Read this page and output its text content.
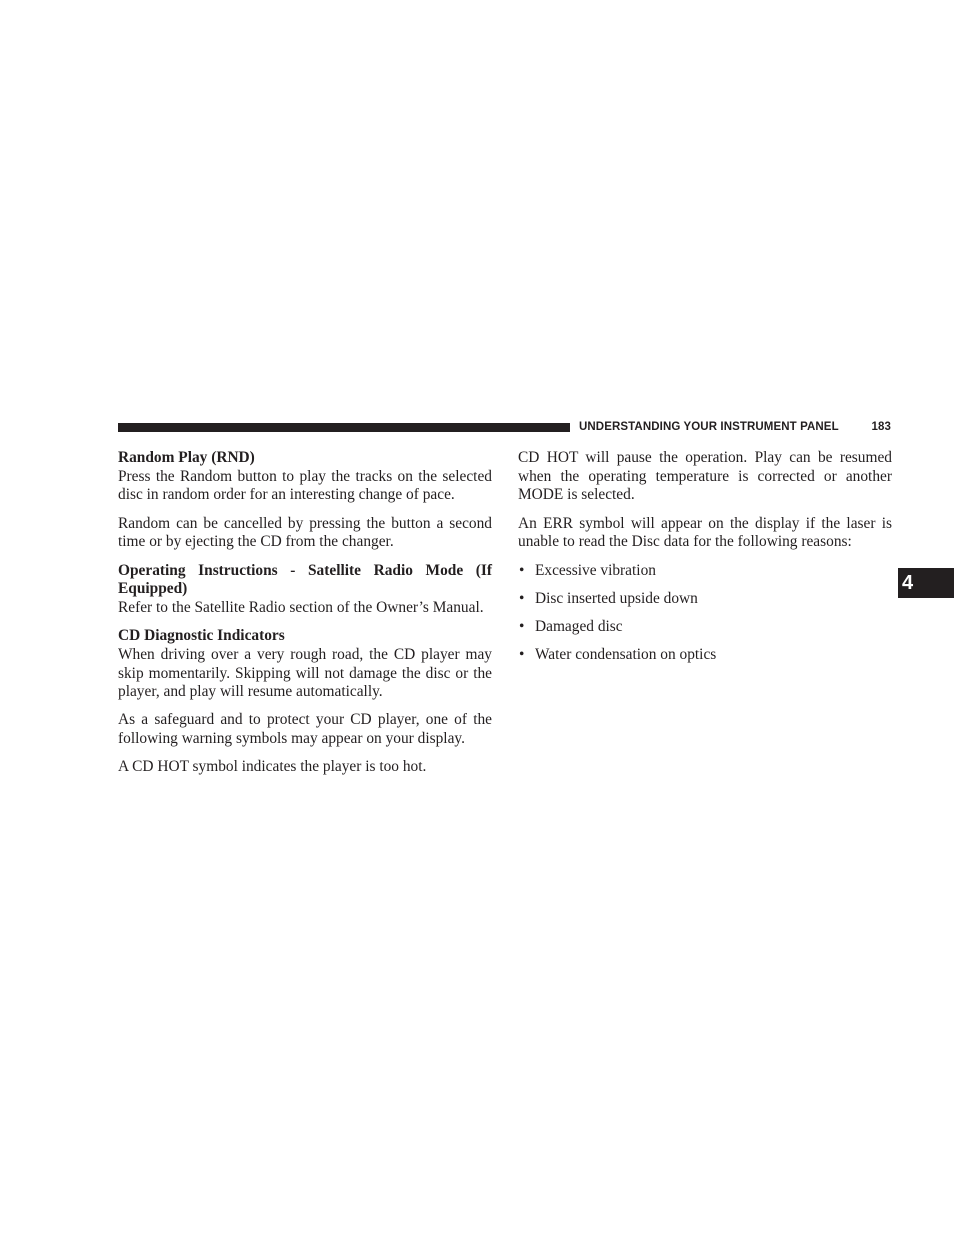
UNDERSTANDING YOUR INSTRUMENT PANEL	183
Random Play (RND)

Press the Random button to play the tracks on the selected disc in random order for an interesting change of pace.

Random can be cancelled by pressing the button a second time or by ejecting the CD from the changer.

Operating Instructions - Satellite Radio Mode (If Equipped)

Refer to the Satellite Radio section of the Owner’s Manual.

CD Diagnostic Indicators

When driving over a very rough road, the CD player may skip momentarily. Skipping will not damage the disc or the player, and play will resume automatically.

As a safeguard and to protect your CD player, one of the following warning symbols may appear on your display.

A CD HOT symbol indicates the player is too hot.

CD HOT will pause the operation. Play can be resumed when the operating temperature is corrected or another MODE is selected.

An ERR symbol will appear on the display if the laser is unable to read the Disc data for the following reasons:

• Excessive vibration
• Disc inserted upside down
• Damaged disc
• Water condensation on optics
4
